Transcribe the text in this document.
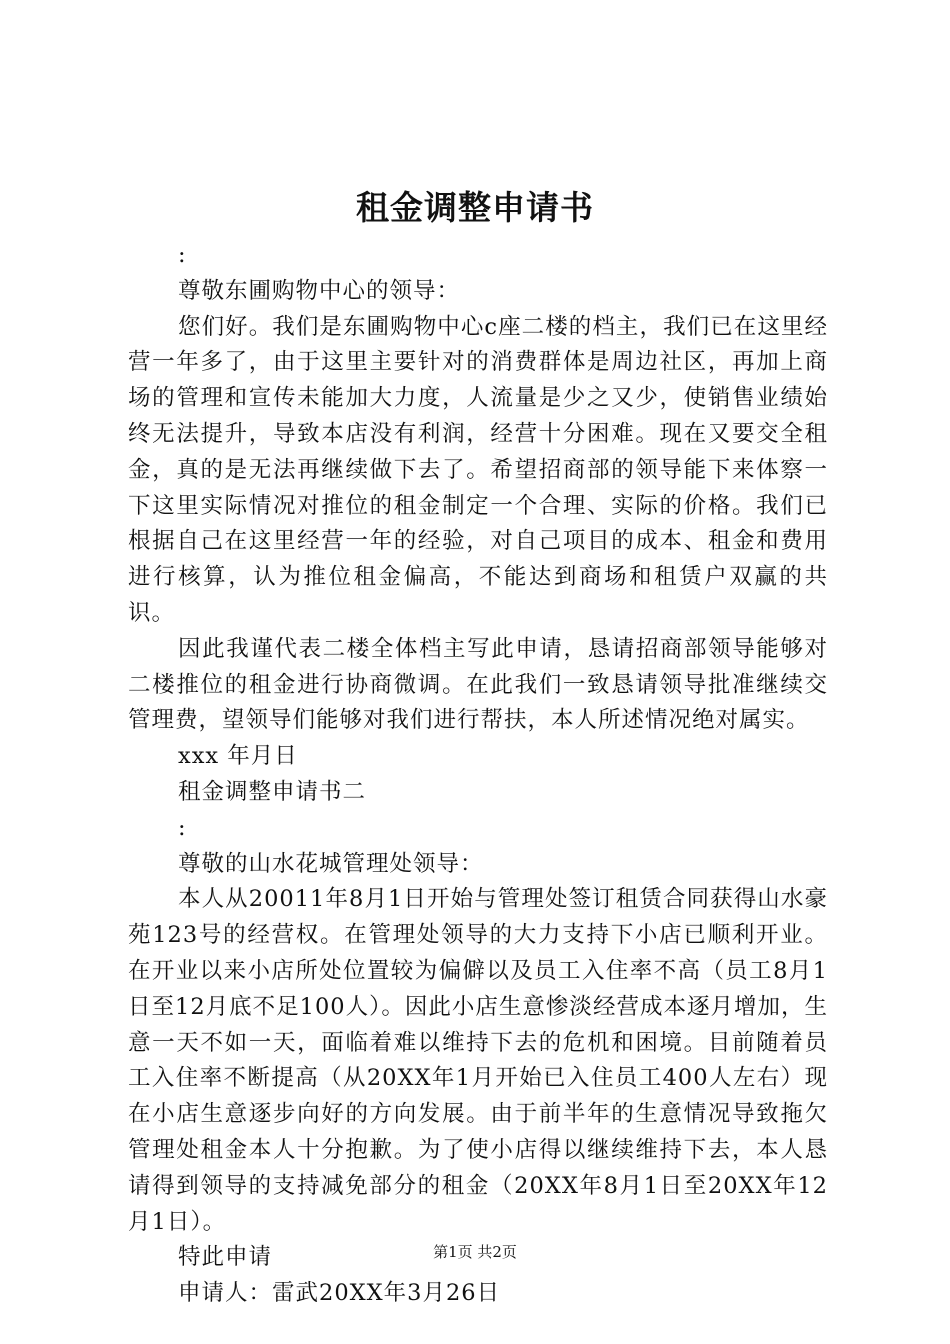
租金调整申请书

:

尊敬东圃购物中心的领导：

您们好。我们是东圃购物中心c座二楼的档主，我们已在这里经营一年多了，由于这里主要针对的消费群体是周边社区，再加上商场的管理和宣传未能加大力度，人流量是少之又少，使销售业绩始终无法提升，导致本店没有利润，经营十分困难。现在又要交全租金，真的是无法再继续做下去了。希望招商部的领导能下来体察一下这里实际情况对推位的租金制定一个合理、实际的价格。我们已根据自己在这里经营一年的经验，对自己项目的成本、租金和费用进行核算，认为推位租金偏高，不能达到商场和租赁户双赢的共识。

因此我谨代表二楼全体档主写此申请，恳请招商部领导能够对二楼推位的租金进行协商微调。在此我们一致恳请领导批准继续交管理费，望领导们能够对我们进行帮扶，本人所述情况绝对属实。

xxx 年月日

租金调整申请书二

:

尊敬的山水花城管理处领导：

本人从20011年8月1日开始与管理处签订租赁合同获得山水豪苑123号的经营权。在管理处领导的大力支持下小店已顺利开业。在开业以来小店所处位置较为偏僻以及员工入住率不高（员工8月1日至12月底不足100人）。因此小店生意惨淡经营成本逐月增加，生意一天不如一天，面临着难以维持下去的危机和困境。目前随着员工入住率不断提高（从20XX年1月开始已入住员工400人左右）现在小店生意逐步向好的方向发展。由于前半年的生意情况导致拖欠管理处租金本人十分抱歉。为了使小店得以继续维持下去，本人恳请得到领导的支持减免部分的租金（20XX年8月1日至20XX年12月1日）。

特此申请

申请人：雷武20XX年3月26日

第1页 共2页
